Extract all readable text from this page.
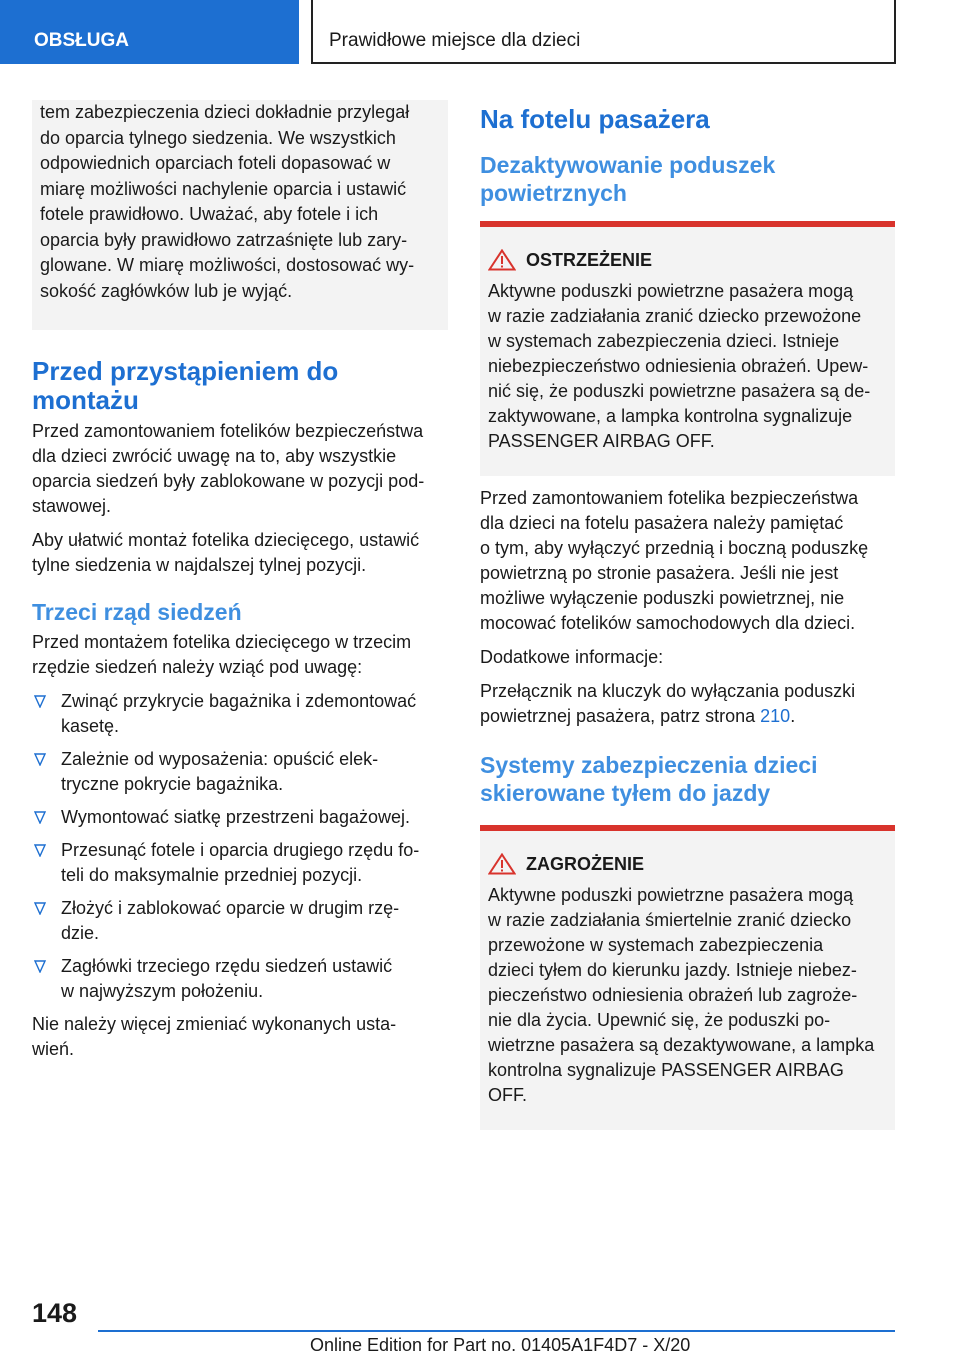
OBSŁUGA	Prawidłowe miejsce dla dzieci

tem zabezpieczenia dzieci dokładnie przylegał

do oparcia tylnego siedzenia. We wszystkich

odpowiednich oparciach foteli dopasować w

miarę możliwości nachylenie oparcia i ustawić

fotele prawidłowo. Uważać, aby fotele i ich

oparcia były prawidłowo zatrzaśnięte lub zary-

glowane. W miarę możliwości, dostosować wy-

sokość zagłówków lub je wyjąć.

Przed przystąpieniem do
montażu

Przed zamontowaniem fotelików bezpieczeństwa

dla dzieci zwrócić uwagę na to, aby wszystkie

oparcia siedzeń były zablokowane w pozycji pod-

stawowej.

Aby ułatwić montaż fotelika dziecięcego, ustawić

tylne siedzenia w najdalszej tylnej pozycji.

Trzeci rząd siedzeń

Przed montażem fotelika dziecięcego w trzecim

rzędzie siedzeń należy wziąć pod uwagę:

Zwinąć przykrycie bagażnika i zdemontować
kasetę.
Zależnie od wyposażenia: opuścić elek-
tryczne pokrycie bagażnika.
Wymontować siatkę przestrzeni bagażowej.
Przesunąć fotele i oparcia drugiego rzędu fo-
teli do maksymalnie przedniej pozycji.
Złożyć i zablokować oparcie w drugim rzę-
dzie.
Zagłówki trzeciego rzędu siedzeń ustawić
w najwyższym położeniu.

Nie należy więcej zmieniać wykonanych usta-

wień.

Na fotelu pasażera
Dezaktywowanie poduszek
powietrznych
OSTRZEŻENIE

Aktywne poduszki powietrzne pasażera mogą

w razie zadziałania zranić dziecko przewożone

w systemach zabezpieczenia dzieci. Istnieje

niebezpieczeństwo odniesienia obrażeń. Upew-

nić się, że poduszki powietrzne pasażera są de-

zaktywowane, a lampka kontrolna sygnalizuje

PASSENGER AIRBAG OFF.

Przed zamontowaniem fotelika bezpieczeństwa

dla dzieci na fotelu pasażera należy pamiętać

o tym, aby wyłączyć przednią i boczną poduszkę

powietrzną po stronie pasażera. Jeśli nie jest

możliwe wyłączenie poduszki powietrznej, nie

mocować fotelików samochodowych dla dzieci.

Dodatkowe informacje:

Przełącznik na kluczyk do wyłączania poduszki

powietrznej pasażera, patrz strona 210.

Systemy zabezpieczenia dzieci
skierowane tyłem do jazdy
ZAGROŻENIE

Aktywne poduszki powietrzne pasażera mogą

w razie zadziałania śmiertelnie zranić dziecko

przewożone w systemach zabezpieczenia

dzieci tyłem do kierunku jazdy. Istnieje niebez-

pieczeństwo odniesienia obrażeń lub zagroże-

nie dla życia. Upewnić się, że poduszki po-

wietrzne pasażera są dezaktywowane, a lampka

kontrolna sygnalizuje PASSENGER AIRBAG

OFF.

148
Online Edition for Part no. 01405A1F4D7 - X/20
